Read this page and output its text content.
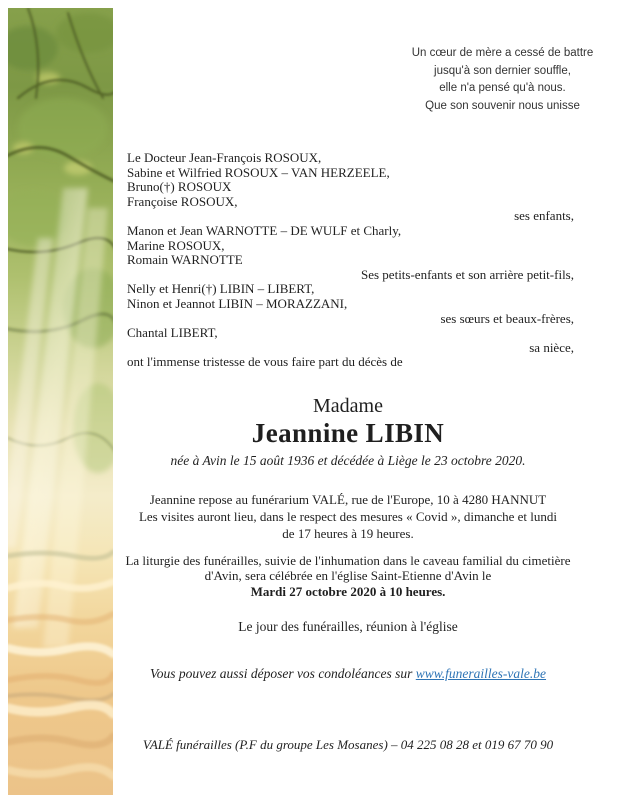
Un cœur de mère a cessé de battre
jusqu'à son dernier souffle,
elle n'a pensé qu'à nous.
Que son souvenir nous unisse
Le Docteur Jean-François ROSOUX,
Sabine et Wilfried ROSOUX – VAN HERZEELE,
Bruno(†) ROSOUX
Françoise ROSOUX,
ses enfants,
Manon et Jean WARNOTTE – DE WULF et Charly,
Marine ROSOUX,
Romain WARNOTTE
Ses petits-enfants et son arrière petit-fils,
Nelly et Henri(†) LIBIN – LIBERT,
Ninon et Jeannot LIBIN – MORAZZANI,
ses sœurs et beaux-frères,
Chantal LIBERT,
sa nièce,
ont l'immense tristesse de vous faire part du décès de
Madame
Jeannine LIBIN
née à Avin le 15 août 1936 et décédée à Liège le 23 octobre 2020.
Jeannine repose au funérarium VALÉ, rue de l'Europe, 10 à 4280 HANNUT
Les visites auront lieu, dans le respect des mesures « Covid », dimanche et lundi
de 17 heures à 19 heures.
La liturgie des funérailles, suivie de l'inhumation dans le caveau familial du cimetière
d'Avin, sera célébrée en l'église Saint-Etienne d'Avin le
Mardi 27 octobre 2020 à 10 heures.
Le jour des funérailles, réunion à l'église
Vous pouvez aussi déposer vos condoléances sur www.funerailles-vale.be
VALÉ funérailles (P.F du groupe Les Mosanes) – 04 225 08 28 et 019 67 70 90
